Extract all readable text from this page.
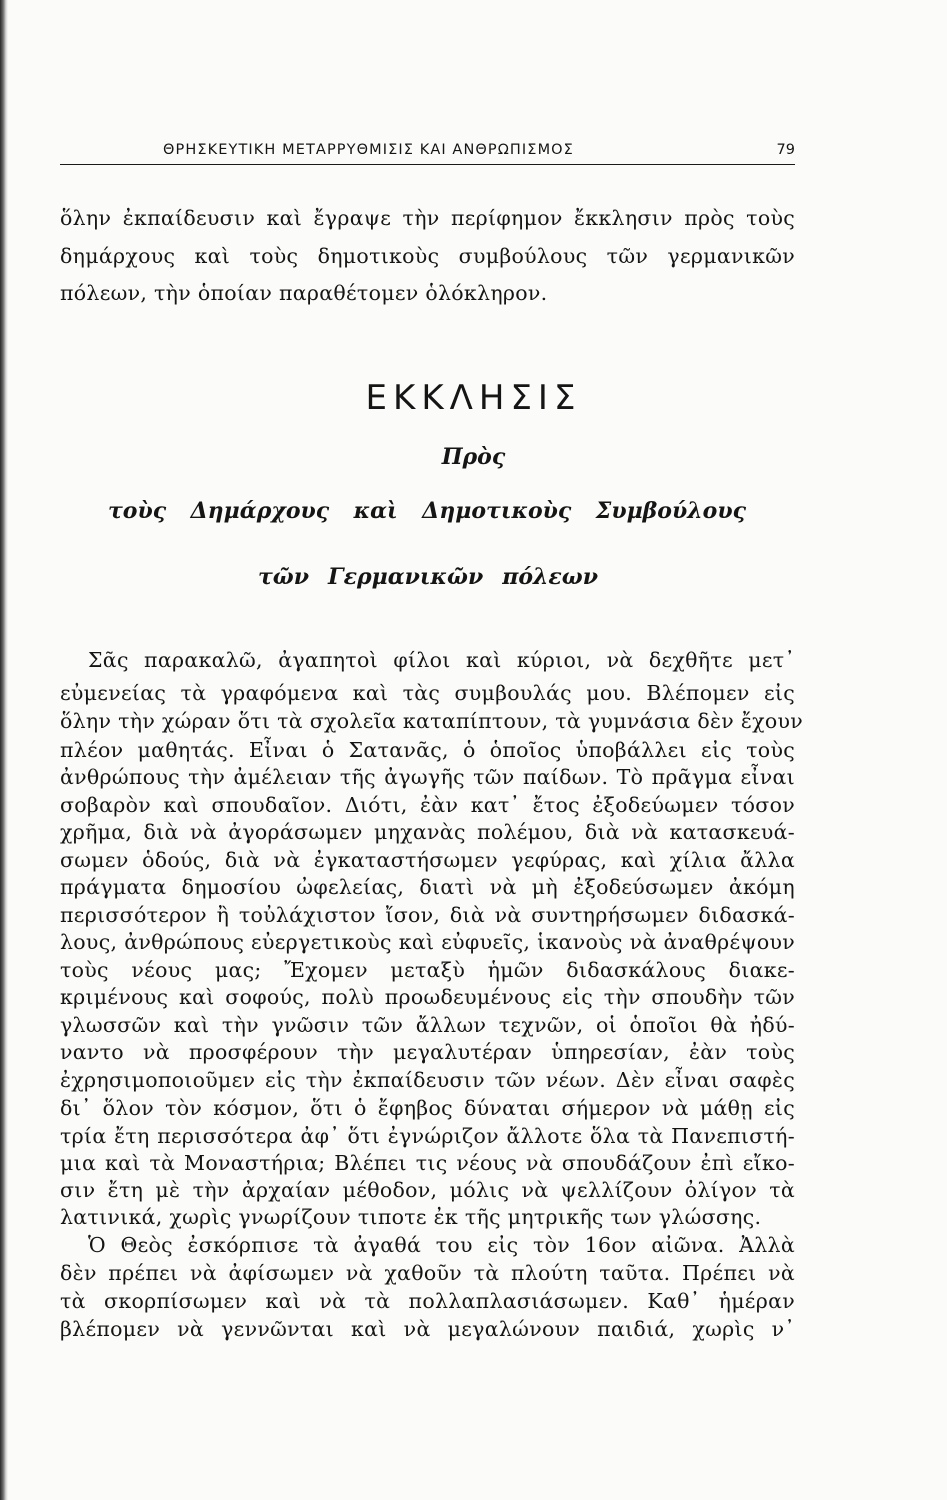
ΘΡΗΣΚΕΥΤΙΚΗ ΜΕΤΑΡΡΥΘΜΙΣΙΣ ΚΑΙ ΑΝΘΡΩΠΙΣΜΟΣ	79
ὅλην ἐκπαίδευσιν καὶ ἔγραψε τὴν περίφημον ἔκκλησιν πρὸς τοὺς
δημάρχους καὶ τοὺς δημοτικοὺς συμβούλους τῶν γερμανικῶν
πόλεων, τὴν ὁποίαν παραθέτομεν ὁλόκληρον.
ΕΚΚΛΗΣΙΣ
Πρὸς
τοὺς Δημάρχους καὶ Δημοτικοὺς Συμβούλους
τῶν Γερμανικῶν πόλεων
Σᾶς παρακαλῶ, ἀγαπητοὶ φίλοι καὶ κύριοι, νὰ δεχθῆτε μετ᾽
εὐμενείας τὰ γραφόμενα καὶ τὰς συμβουλάς μου. Βλέπομεν εἰς
ὅλην τὴν χώραν ὅτι τὰ σχολεῖα καταπίπτουν, τὰ γυμνάσια δὲν ἔχουν
πλέον μαθητάς. Εἶναι ὁ Σατανᾶς, ὁ ὁποῖος ὑποβάλλει εἰς τοὺς
ἀνθρώπους τὴν ἀμέλειαν τῆς ἀγωγῆς τῶν παίδων. Τὸ πρᾶγμα εἶναι
σοβαρὸν καὶ σπουδαῖον. Διότι, ἐὰν κατ᾽ ἔτος ἐξοδεύωμεν τόσον
χρῆμα, διὰ νὰ ἀγοράσωμεν μηχανὰς πολέμου, διὰ νὰ κατασκευά-
σωμεν ὁδούς, διὰ νὰ ἐγκαταστήσωμεν γεφύρας, καὶ χίλια ἄλλα
πράγματα δημοσίου ὠφελείας, διατὶ νὰ μὴ ἐξοδεύσωμεν ἀκόμη
περισσότερον ἢ τοὐλάχιστον ἴσον, διὰ νὰ συντηρήσωμεν διδασκά-
λους, ἀνθρώπους εὐεργετικοὺς καὶ εὐφυεῖς, ἱκανοὺς νὰ ἀναθρέψουν
τοὺς νέους μας; Ἔχομεν μεταξὺ ἡμῶν διδασκάλους διακε-
κριμένους καὶ σοφούς, πολὺ προωδευμένους εἰς τὴν σπουδὴν τῶν
γλωσσῶν καὶ τὴν γνῶσιν τῶν ἄλλων τεχνῶν, οἱ ὁποῖοι θὰ ἠδύ-
ναντο νὰ προσφέρουν τὴν μεγαλυτέραν ὑπηρεσίαν, ἐὰν τοὺς
ἐχρησιμοποιοῦμεν εἰς τὴν ἐκπαίδευσιν τῶν νέων. Δὲν εἶναι σαφὲς
δι᾽ ὅλον τὸν κόσμον, ὅτι ὁ ἔφηβος δύναται σήμερον νὰ μάθῃ εἰς
τρία ἔτη περισσότερα ἀφ᾽ ὅτι ἐγνώριζον ἄλλοτε ὅλα τὰ Πανεπιστή-
μια καὶ τὰ Μοναστήρια; Βλέπει τις νέους νὰ σπουδάζουν ἐπὶ εἴκο-
σιν ἔτη μὲ τὴν ἀρχαίαν μέθοδον, μόλις νὰ ψελλίζουν ὀλίγον τὰ
λατινικά, χωρὶς γνωρίζουν τιποτε ἐκ τῆς μητρικῆς των γλώσσης.
Ὁ Θεὸς ἐσκόρπισε τὰ ἀγαθά του εἰς τὸν 16ον αἰῶνα. Ἀλλὰ
δὲν πρέπει νὰ ἀφίσωμεν νὰ χαθοῦν τὰ πλούτη ταῦτα. Πρέπει νὰ
τὰ σκορπίσωμεν καὶ νὰ τὰ πολλαπλασιάσωμεν. Καθ᾽ ἡμέραν
βλέπομεν νὰ γεννῶνται καὶ νὰ μεγαλώνουν παιδιά, χωρὶς ν᾽
